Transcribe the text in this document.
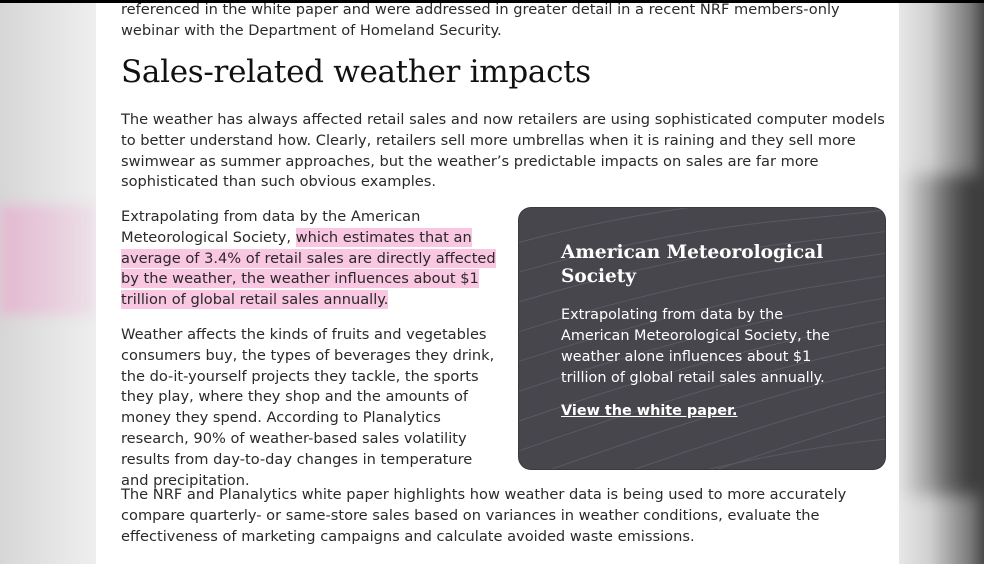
referenced in the white paper and were addressed in greater detail in a recent NRF members-only webinar with the Department of Homeland Security.

Sales-related weather impacts

The weather has always affected retail sales and now retailers are using sophisticated computer models to better understand how. Clearly, retailers sell more umbrellas when it is raining and they sell more swimwear as summer approaches, but the weather’s predictable impacts on sales are far more sophisticated than such obvious examples.

Extrapolating from data by the American Meteorological Society, which estimates that an average of 3.4% of retail sales are directly affected by the weather, the weather influences about $1 trillion of global retail sales annually.

Weather affects the kinds of fruits and vegetables consumers buy, the types of beverages they drink, the do-it-yourself projects they tackle, the sports they play, where they shop and the amounts of money they spend. According to Planalytics research, 90% of weather-based sales volatility results from day-to-day changes in temperature and precipitation.

American Meteorological Society

Extrapolating from data by the American Meteorological Society, the weather alone influences about $1 trillion of global retail sales annually.

View the white paper.

The NRF and Planalytics white paper highlights how weather data is being used to more accurately compare quarterly- or same-store sales based on variances in weather conditions, evaluate the effectiveness of marketing campaigns and calculate avoided waste emissions.
